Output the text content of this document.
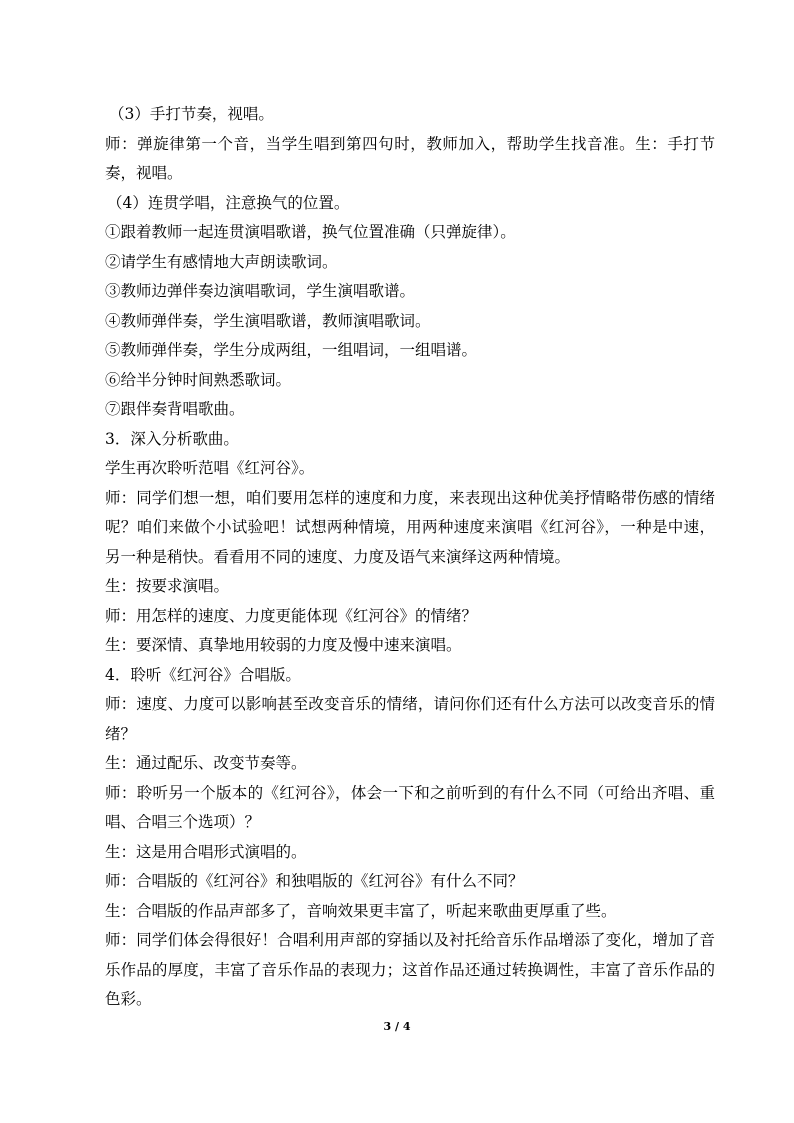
（3）手打节奏，视唱。

师：弹旋律第一个音，当学生唱到第四句时，教师加入，帮助学生找音准。生：手打节奏，视唱。

（4）连贯学唱，注意换气的位置。

①跟着教师一起连贯演唱歌谱，换气位置准确（只弹旋律）。

②请学生有感情地大声朗读歌词。

③教师边弹伴奏边演唱歌词，学生演唱歌谱。

④教师弹伴奏，学生演唱歌谱，教师演唱歌词。

⑤教师弹伴奏，学生分成两组，一组唱词，一组唱谱。

⑥给半分钟时间熟悉歌词。

⑦跟伴奏背唱歌曲。

3．深入分析歌曲。

学生再次聆听范唱《红河谷》。

师：同学们想一想，咱们要用怎样的速度和力度，来表现出这种优美抒情略带伤感的情绪呢？咱们来做个小试验吧！试想两种情境，用两种速度来演唱《红河谷》，一种是中速，另一种是稍快。看看用不同的速度、力度及语气来演绎这两种情境。

生：按要求演唱。

师：用怎样的速度、力度更能体现《红河谷》的情绪？

生：要深情、真挚地用较弱的力度及慢中速来演唱。

4．聆听《红河谷》合唱版。

师：速度、力度可以影响甚至改变音乐的情绪，请问你们还有什么方法可以改变音乐的情绪？

生：通过配乐、改变节奏等。

师：聆听另一个版本的《红河谷》，体会一下和之前听到的有什么不同（可给出齐唱、重唱、合唱三个选项）？

生：这是用合唱形式演唱的。

师：合唱版的《红河谷》和独唱版的《红河谷》有什么不同？

生：合唱版的作品声部多了，音响效果更丰富了，听起来歌曲更厚重了些。

师：同学们体会得很好！合唱利用声部的穿插以及衬托给音乐作品增添了变化，增加了音乐作品的厚度，丰富了音乐作品的表现力；这首作品还通过转换调性，丰富了音乐作品的色彩。

3 / 4
